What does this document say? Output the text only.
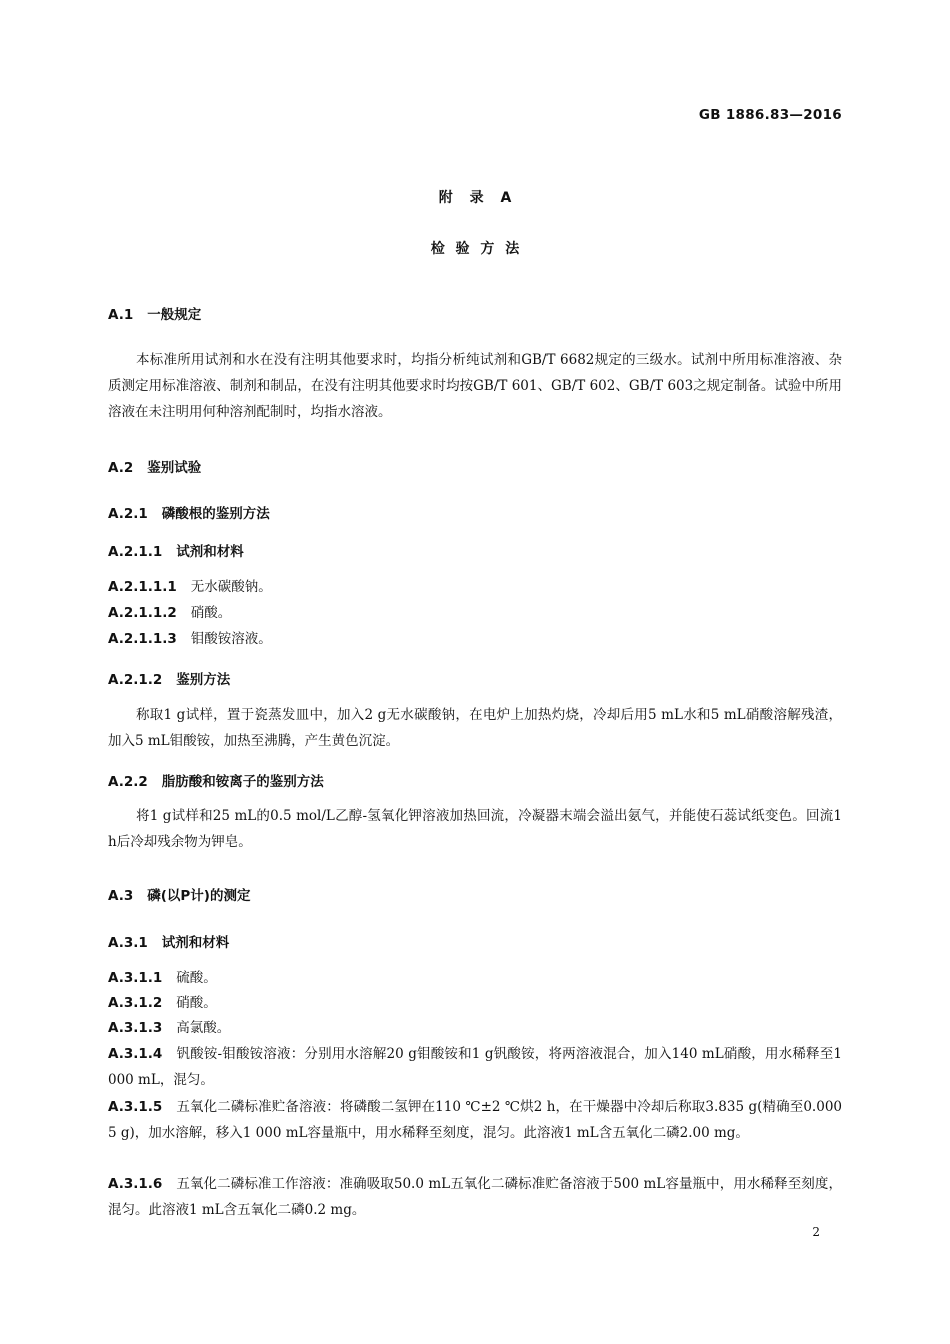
GB 1886.83—2016
附 录 A
检 验 方 法
A.1 一般规定
本标准所用试剂和水在没有注明其他要求时，均指分析纯试剂和GB/T 6682规定的三级水。试剂中所用标准溶液、杂质测定用标准溶液、制剂和制品，在没有注明其他要求时均按GB/T 601、GB/T 602、GB/T 603之规定制备。试验中所用溶液在未注明用何种溶剂配制时，均指水溶液。
A.2 鉴别试验
A.2.1 磷酸根的鉴别方法
A.2.1.1 试剂和材料
A.2.1.1.1 无水碳酸钠。
A.2.1.1.2 硝酸。
A.2.1.1.3 钼酸铵溶液。
A.2.1.2 鉴别方法
称取1 g试样，置于瓷蒸发皿中，加入2 g无水碳酸钠，在电炉上加热灼烧，冷却后用5 mL水和5 mL硝酸溶解残渣，加入5 mL钼酸铵，加热至沸腾，产生黄色沉淀。
A.2.2 脂肪酸和铵离子的鉴别方法
将1 g试样和25 mL的0.5 mol/L乙醇-氢氧化钾溶液加热回流，冷凝器末端会溢出氨气，并能使石蕊试纸变色。回流1 h后冷却残余物为钾皂。
A.3 磷(以P计)的测定
A.3.1 试剂和材料
A.3.1.1 硫酸。
A.3.1.2 硝酸。
A.3.1.3 高氯酸。
A.3.1.4 钒酸铵-钼酸铵溶液：分别用水溶解20 g钼酸铵和1 g钒酸铵，将两溶液混合，加入140 mL硝酸，用水稀释至1 000 mL，混匀。
A.3.1.5 五氧化二磷标准贮备溶液：将磷酸二氢钾在110 ℃±2 ℃烘2 h，在干燥器中冷却后称取3.835 g(精确至0.000 5 g)，加水溶解，移入1 000 mL容量瓶中，用水稀释至刻度，混匀。此溶液1 mL含五氧化二磷2.00 mg。
A.3.1.6 五氧化二磷标准工作溶液：准确吸取50.0 mL五氧化二磷标准贮备溶液于500 mL容量瓶中，用水稀释至刻度，混匀。此溶液1 mL含五氧化二磷0.2 mg。
2
